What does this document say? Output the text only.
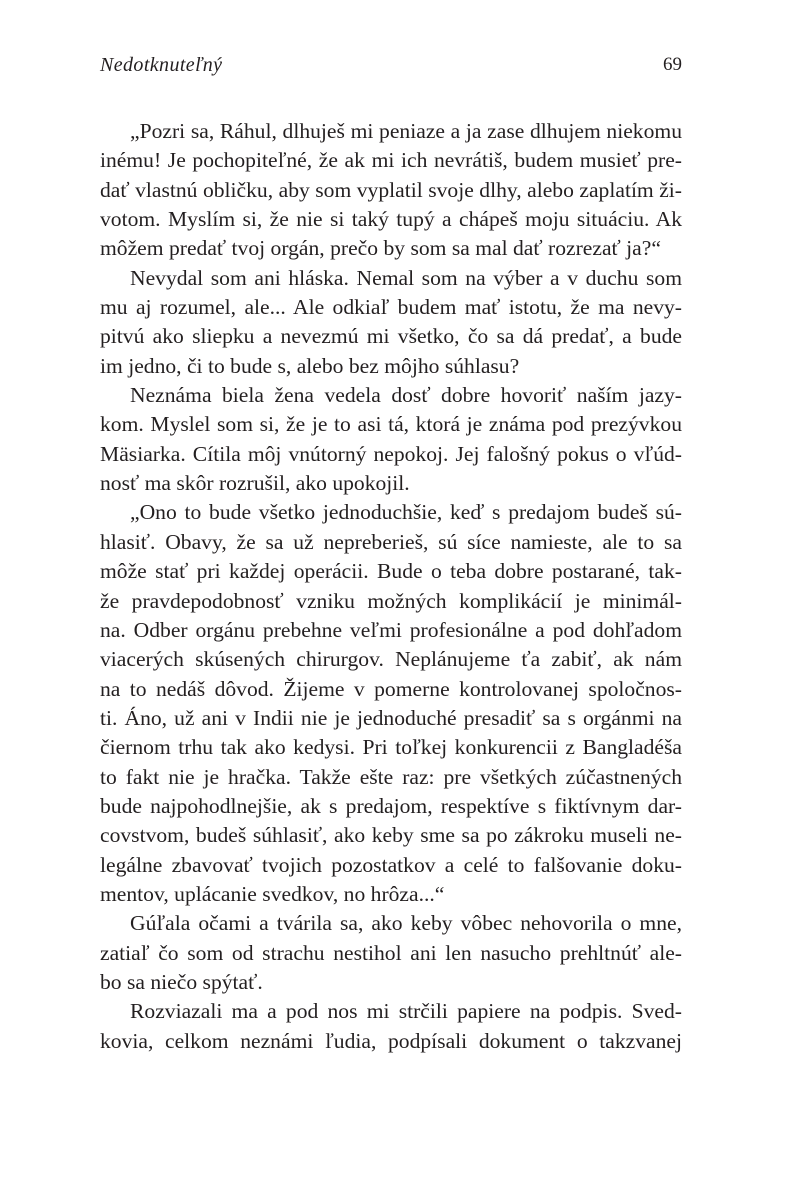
Nedotknuteľný	69
„Pozri sa, Ráhul, dlhuješ mi peniaze a ja zase dlhujem niekomu
inému! Je pochopiteľné, že ak mi ich nevrátiš, budem musieť pre-
dať vlastnú obličku, aby som vyplatil svoje dlhy, alebo zaplatím ži-
votom. Myslím si, že nie si taký tupý a chápeš moju situáciu. Ak
môžem predať tvoj orgán, prečo by som sa mal dať rozrezať ja?“
Nevydal som ani hláska. Nemal som na výber a v duchu som
mu aj rozumel, ale... Ale odkiaľ budem mať istotu, že ma nevy-
pitvú ako sliepku a nevezmú mi všetko, čo sa dá predať, a bude
im jedno, či to bude s, alebo bez môjho súhlasu?
Neznáma biela žena vedela dosť dobre hovoriť naším jazy-
kom. Myslel som si, že je to asi tá, ktorá je známa pod prezývkou
Mäsiarka. Cítila môj vnútorný nepokoj. Jej falošný pokus o vľúd-
nosť ma skôr rozrušil, ako upokojil.
„Ono to bude všetko jednoduchšie, keď s predajom budeš sú-
hlasiť. Obavy, že sa už nepreberieš, sú síce namieste, ale to sa
môže stať pri každej operácii. Bude o teba dobre postarané, tak-
že pravdepodobnosť vzniku možných komplikácií je minimál-
na. Odber orgánu prebehne veľmi profesionálne a pod dohľadom
viacerých skúsených chirurgov. Neplánujeme ťa zabiť, ak nám
na to nedáš dôvod. Žijeme v pomerne kontrolovanej spoločnos-
ti. Áno, už ani v Indii nie je jednoduché presadiť sa s orgánmi na
čiernom trhu tak ako kedysi. Pri toľkej konkurencii z Bangladéša
to fakt nie je hračka. Takže ešte raz: pre všetkých zúčastnených
bude najpohodlnejšie, ak s predajom, respektíve s fiktívnym dar-
covstvom, budeš súhlasiť, ako keby sme sa po zákroku museli ne-
legálne zbavovať tvojich pozostatkov a celé to falšovanie doku-
mentov, uplácanie svedkov, no hrôza...“
Gúľala očami a tvárila sa, ako keby vôbec nehovorila o mne,
zatiaľ čo som od strachu nestihol ani len nasucho prehltnúť ale-
bo sa niečo spýtať.
Rozviazali ma a pod nos mi strčili papiere na podpis. Sved-
kovia, celkom neznámi ľudia, podpísali dokument o takzvanej
